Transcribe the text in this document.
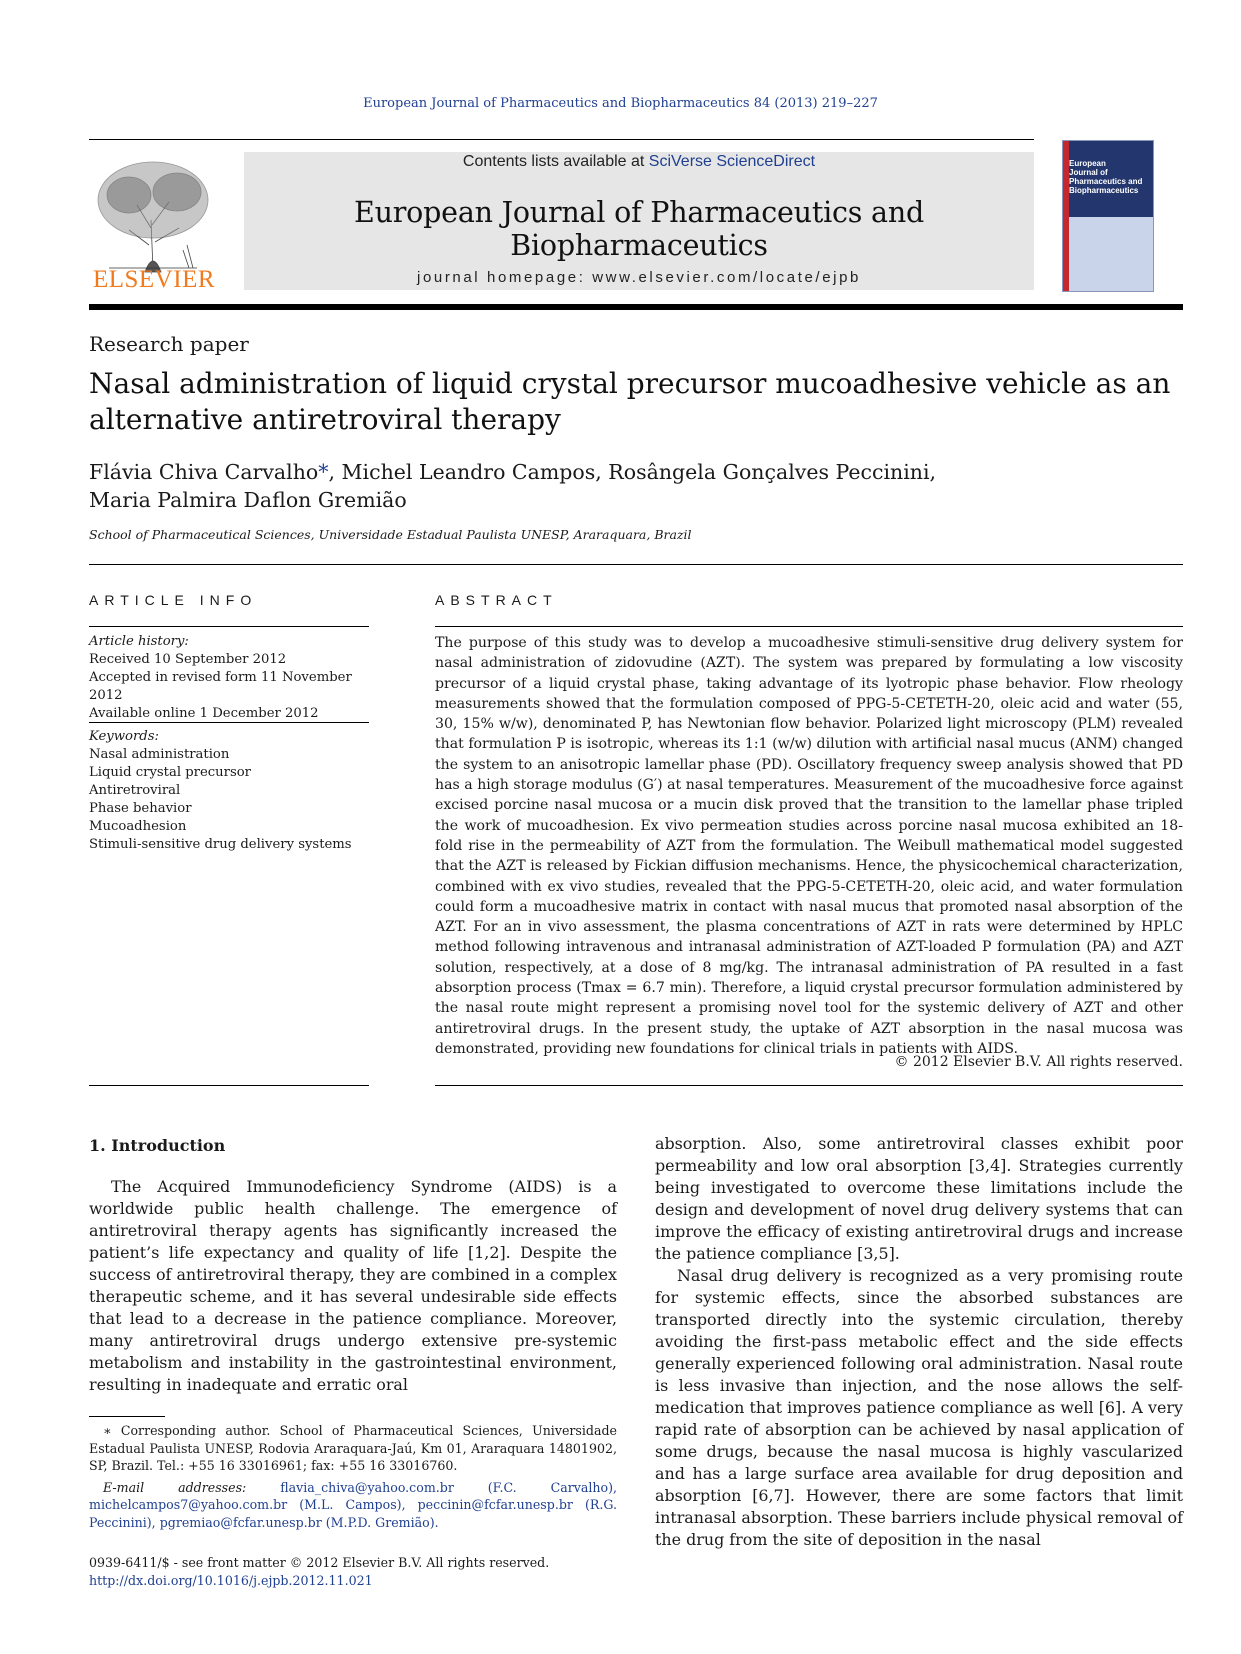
European Journal of Pharmaceutics and Biopharmaceutics 84 (2013) 219–227
ELSEVIER
Contents lists available at SciVerse ScienceDirect
European Journal of Pharmaceutics and Biopharmaceutics
journal homepage: www.elsevier.com/locate/ejpb
European
Journal of
Pharmaceutics and
Biopharmaceutics
Research paper
Nasal administration of liquid crystal precursor mucoadhesive vehicle as an alternative antiretroviral therapy
Flávia Chiva Carvalho*, Michel Leandro Campos, Rosângela Gonçalves Peccinini,
Maria Palmira Daflon Gremião
School of Pharmaceutical Sciences, Universidade Estadual Paulista UNESP, Araraquara, Brazil
ARTICLE INFO	ABSTRACT
Article history:
Received 10 September 2012
Accepted in revised form 11 November 2012
Available online 1 December 2012
Keywords:
Nasal administration
Liquid crystal precursor
Antiretroviral
Phase behavior
Mucoadhesion
Stimuli-sensitive drug delivery systems
The purpose of this study was to develop a mucoadhesive stimuli-sensitive drug delivery system for nasal administration of zidovudine (AZT). The system was prepared by formulating a low viscosity precursor of a liquid crystal phase, taking advantage of its lyotropic phase behavior. Flow rheology measurements showed that the formulation composed of PPG-5-CETETH-20, oleic acid and water (55, 30, 15% w/w), denominated P, has Newtonian flow behavior. Polarized light microscopy (PLM) revealed that formulation P is isotropic, whereas its 1:1 (w/w) dilution with artificial nasal mucus (ANM) changed the system to an anisotropic lamellar phase (PD). Oscillatory frequency sweep analysis showed that PD has a high storage modulus (G′) at nasal temperatures. Measurement of the mucoadhesive force against excised porcine nasal mucosa or a mucin disk proved that the transition to the lamellar phase tripled the work of mucoadhesion. Ex vivo permeation studies across porcine nasal mucosa exhibited an 18-fold rise in the permeability of AZT from the formulation. The Weibull mathematical model suggested that the AZT is released by Fickian diffusion mechanisms. Hence, the physicochemical characterization, combined with ex vivo studies, revealed that the PPG-5-CETETH-20, oleic acid, and water formulation could form a mucoadhesive matrix in contact with nasal mucus that promoted nasal absorption of the AZT. For an in vivo assessment, the plasma concentrations of AZT in rats were determined by HPLC method following intravenous and intranasal administration of AZT-loaded P formulation (PA) and AZT solution, respectively, at a dose of 8 mg/kg. The intranasal administration of PA resulted in a fast absorption process (Tmax = 6.7 min). Therefore, a liquid crystal precursor formulation administered by the nasal route might represent a promising novel tool for the systemic delivery of AZT and other antiretroviral drugs. In the present study, the uptake of AZT absorption in the nasal mucosa was demonstrated, providing new foundations for clinical trials in patients with AIDS.
© 2012 Elsevier B.V. All rights reserved.
1. Introduction

The Acquired Immunodeficiency Syndrome (AIDS) is a worldwide public health challenge. The emergence of antiretroviral therapy agents has significantly increased the patient’s life expectancy and quality of life [1,2]. Despite the success of antiretroviral therapy, they are combined in a complex therapeutic scheme, and it has several undesirable side effects that lead to a decrease in the patience compliance. Moreover, many antiretroviral drugs undergo extensive pre-systemic metabolism and instability in the gastrointestinal environment, resulting in inadequate and erratic oral

absorption. Also, some antiretroviral classes exhibit poor permeability and low oral absorption [3,4]. Strategies currently being investigated to overcome these limitations include the design and development of novel drug delivery systems that can improve the efficacy of existing antiretroviral drugs and increase the patience compliance [3,5].

Nasal drug delivery is recognized as a very promising route for systemic effects, since the absorbed substances are transported directly into the systemic circulation, thereby avoiding the first-pass metabolic effect and the side effects generally experienced following oral administration. Nasal route is less invasive than injection, and the nose allows the self-medication that improves patience compliance as well [6]. A very rapid rate of absorption can be achieved by nasal application of some drugs, because the nasal mucosa is highly vascularized and has a large surface area available for drug deposition and absorption [6,7]. However, there are some factors that limit intranasal absorption. These barriers include physical removal of the drug from the site of deposition in the nasal

∗ Corresponding author. School of Pharmaceutical Sciences, Universidade Estadual Paulista UNESP, Rodovia Araraquara-Jaú, Km 01, Araraquara 14801902, SP, Brazil. Tel.: +55 16 33016961; fax: +55 16 33016760.

E-mail addresses: flavia_chiva@yahoo.com.br (F.C. Carvalho), michelcampos7@yahoo.com.br (M.L. Campos), peccinin@fcfar.unesp.br (R.G. Peccinini), pgremiao@fcfar.unesp.br (M.P.D. Gremião).

0939-6411/$ - see front matter © 2012 Elsevier B.V. All rights reserved.
http://dx.doi.org/10.1016/j.ejpb.2012.11.021
